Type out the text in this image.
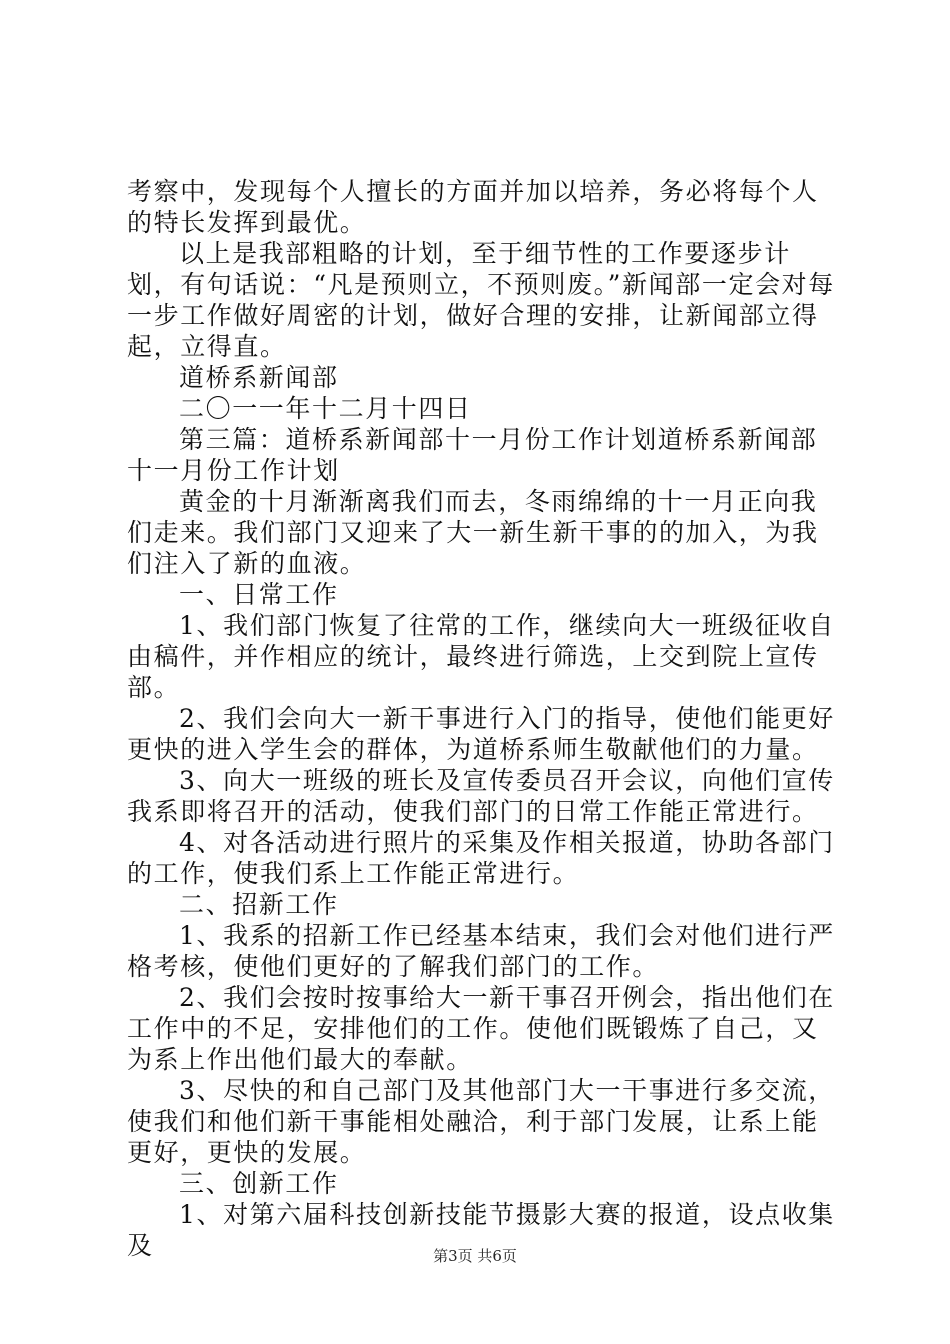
考察中，发现每个人擅长的方面并加以培养，务必将每个人的特长发挥到最优。

以上是我部粗略的计划，至于细节性的工作要逐步计划，有句话说：“凡是预则立，不预则废。”新闻部一定会对每一步工作做好周密的计划，做好合理的安排，让新闻部立得起，立得直。

道桥系新闻部

二〇一一年十二月十四日

第三篇：道桥系新闻部十一月份工作计划道桥系新闻部十一月份工作计划

黄金的十月渐渐离我们而去，冬雨绵绵的十一月正向我们走来。我们部门又迎来了大一新生新干事的的加入，为我们注入了新的血液。

一、日常工作

1、我们部门恢复了往常的工作，继续向大一班级征收自由稿件，并作相应的统计，最终进行筛选，上交到院上宣传部。

2、我们会向大一新干事进行入门的指导，使他们能更好更快的进入学生会的群体，为道桥系师生敬献他们的力量。

3、向大一班级的班长及宣传委员召开会议，向他们宣传我系即将召开的活动，使我们部门的日常工作能正常进行。

4、对各活动进行照片的采集及作相关报道，协助各部门的工作，使我们系上工作能正常进行。

二、招新工作

1、我系的招新工作已经基本结束，我们会对他们进行严格考核，使他们更好的了解我们部门的工作。

2、我们会按时按事给大一新干事召开例会，指出他们在工作中的不足，安排他们的工作。使他们既锻炼了自己，又为系上作出他们最大的奉献。

3、尽快的和自己部门及其他部门大一干事进行多交流，使我们和他们新干事能相处融洽，利于部门发展，让系上能更好，更快的发展。

三、创新工作

1、对第六届科技创新技能节摄影大赛的报道，设点收集及	第3页 共6页
